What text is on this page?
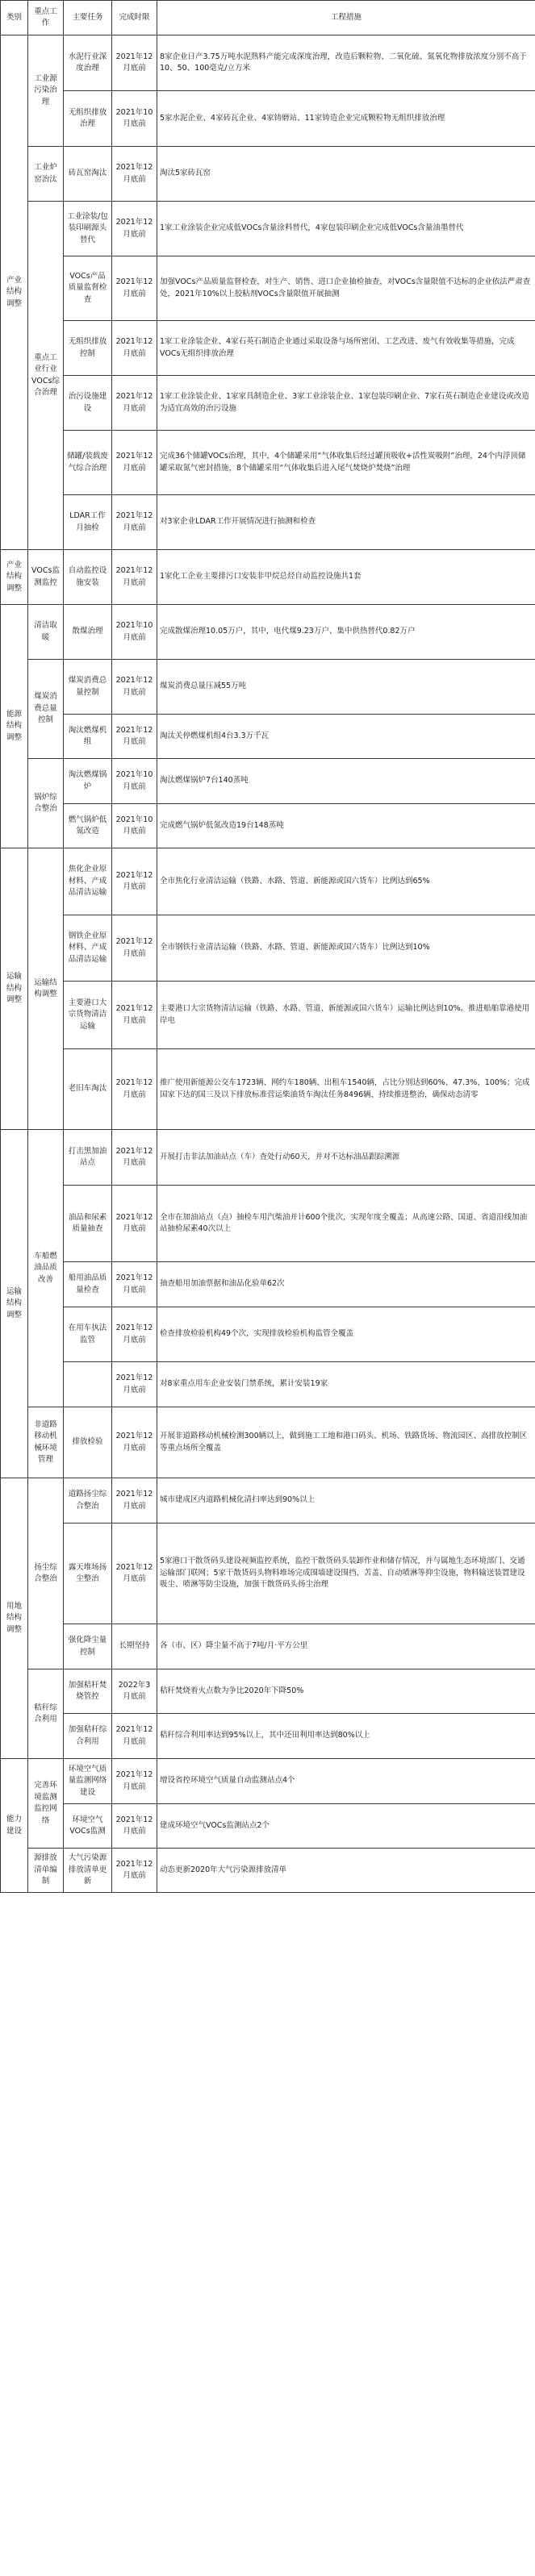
类别	重点工作	主要任务	完成时限	工程措施
产业结构调整	工业源污染治理	水泥行业深度治理	2021年12月底前	8家企业日产3.75万吨水泥熟料产能完成深度治理，改造后颗粒物、二氧化硫、氮氧化物排放浓度分别不高于10、50、100毫克/立方米
		无组织排放治理	2021年10月底前	5家水泥企业、4家砖瓦企业、4家铸磨站、11家铸造企业完成颗粒物无组织排放治理
	工业炉窑治汰	砖瓦窑淘汰	2021年12月底前	淘汰5家砖瓦窑
	重点工业行业VOCs综合治理	工业涂装/包装印刷源头替代	2021年12月底前	1家工业涂装企业完成低VOCs含量涂料替代，4家包装印刷企业完成低VOCs含量油墨替代
		VOCs产品质量监督检查	2021年12月底前	加强VOCs产品质量监督检查，对生产、销售、进口企业抽检抽查，对VOCs含量限值不达标的企业依法严肃查处，2021年10%以上胶粘剂VOCs含量限值开展抽测
		无组织排放控制	2021年12月底前	1家工业涂装企业、4家石英石制造企业通过采取设备与场所密闭、工艺改进、废气有效收集等措施，完成VOCs无组织排放治理
		治污设施建设	2021年12月底前	1家工业涂装企业、1家家具制造企业、3家工业涂装企业、1家包装印刷企业、7家石英石制造企业建设或改造为适宜高效的治污设施
		储罐/装载废气综合治理	2021年12月底前	完成36个储罐VOCs治理，其中，4个储罐采用“气体收集后经过罐顶吸收+活性炭吸附”治理，24个内浮顶储罐采取氮气密封措施，8个储罐采用“气体收集后进入尾气焚烧炉焚烧”治理
		LDAR工作月抽检	2021年12月底前	对3家企业LDAR工作开展情况进行抽测和检查
产业结构调整	VOCs监测监控	自动监控设施安装	2021年12月底前	1家化工企业主要排污口安装非甲烷总烃自动监控设施共1套
能源结构调整	清洁取暖	散煤治理	2021年10月底前	完成散煤治理10.05万户，其中，电代煤9.23万户、集中供热替代0.82万户
	煤炭消费总量控制	煤炭消费总量控制	2021年12月底前	煤炭消费总量压减55万吨
		淘汰燃煤机组	2021年12月底前	淘汰关停燃煤机组4台3.3万千瓦
	锅炉综合整治	淘汰燃煤锅炉	2021年10月底前	淘汰燃煤锅炉7台140蒸吨
		燃气锅炉低氮改造	2021年10月底前	完成燃气锅炉低氮改造19台148蒸吨
运输结构调整	运输结构调整	焦化企业原材料、产成品清洁运输	2021年12月底前	全市焦化行业清洁运输（铁路、水路、管道、新能源或国六货车）比例达到65%
		钢铁企业原材料、产成品清洁运输	2021年12月底前	全市钢铁行业清洁运输（铁路、水路、管道、新能源或国六货车）比例达到10%
		主要港口大宗货物清洁运输	2021年12月底前	主要港口大宗货物清洁运输（铁路、水路、管道、新能源或国六货车）运输比例达到10%。推进船舶靠港使用岸电
		老旧车淘汰	2021年12月底前	推广使用新能源公交车1723辆、网约车180辆、出租车1540辆，占比分别达到60%、47.3%、100%；完成国家下达的国三及以下排放标准营运柴油货车淘汰任务8496辆，持续推进整治，确保动态清零
运输结构调整	车船燃油品质改善	打击黑加油站点	2021年12月底前	开展打击非法加油站点（车）查处行动60天，并对不达标油品跟踪溯源
		油品和尿素质量抽查	2021年12月底前	全市在加油站点（点）抽检车用汽柴油并计600个批次，实现年度全覆盖；从高速公路、国道、省道沿线加油站抽检尿素40次以上
		船用油品质量检查	2021年12月底前	抽查船用加油票据和油品化验单62次
		在用车执法监管	2021年12月底前	检查排放检验机构49个次，实现排放检验机构监管全覆盖
			2021年12月底前	对8家重点用车企业安装门禁系统，累计安装19家
	非道路移动机械环境管理	排放检验	2021年12月底前	开展非道路移动机械检测300辆以上，做到施工工地和港口码头、机场、铁路货场、物流园区、高排放控制区等重点场所全覆盖
用地结构调整	扬尘综合整治	道路扬尘综合整治	2021年12月底前	城市建成区内道路机械化清扫率达到90%以上
		露天堆场扬尘整治	2021年12月底前	5家港口干散货码头建设视频监控系统，监控干散货码头装卸作业和储存情况，并与属地生态环境部门、交通运输部门联网；5家干散货码头物料堆场完成围墙建设围挡、苫盖、自动喷淋等抑尘设施，物料输送装置建设吸尘、喷淋等防尘设施，加强干散货码头扬尘治理
		强化降尘量控制	长期坚持	各（市、区）降尘量不高于7吨/月·平方公里
	秸秆综合利用	加强秸秆焚烧管控	2022年3月底前	秸秆焚烧着火点数为争比2020年下降50%
		加强秸秆综合利用	2021年12月底前	秸秆综合利用率达到95%以上，其中还田利用率达到80%以上
能力建设	完善环境监测监控网络	环境空气质量监测网络建设	2021年12月底前	增设省控环境空气质量自动监测站点4个
		环境空气VOCs监测	2021年12月底前	建成环境空气VOCs监测站点2个
	源排放清单编制	大气污染源排放清单更新	2021年12月底前	动态更新2020年大气污染源排放清单
